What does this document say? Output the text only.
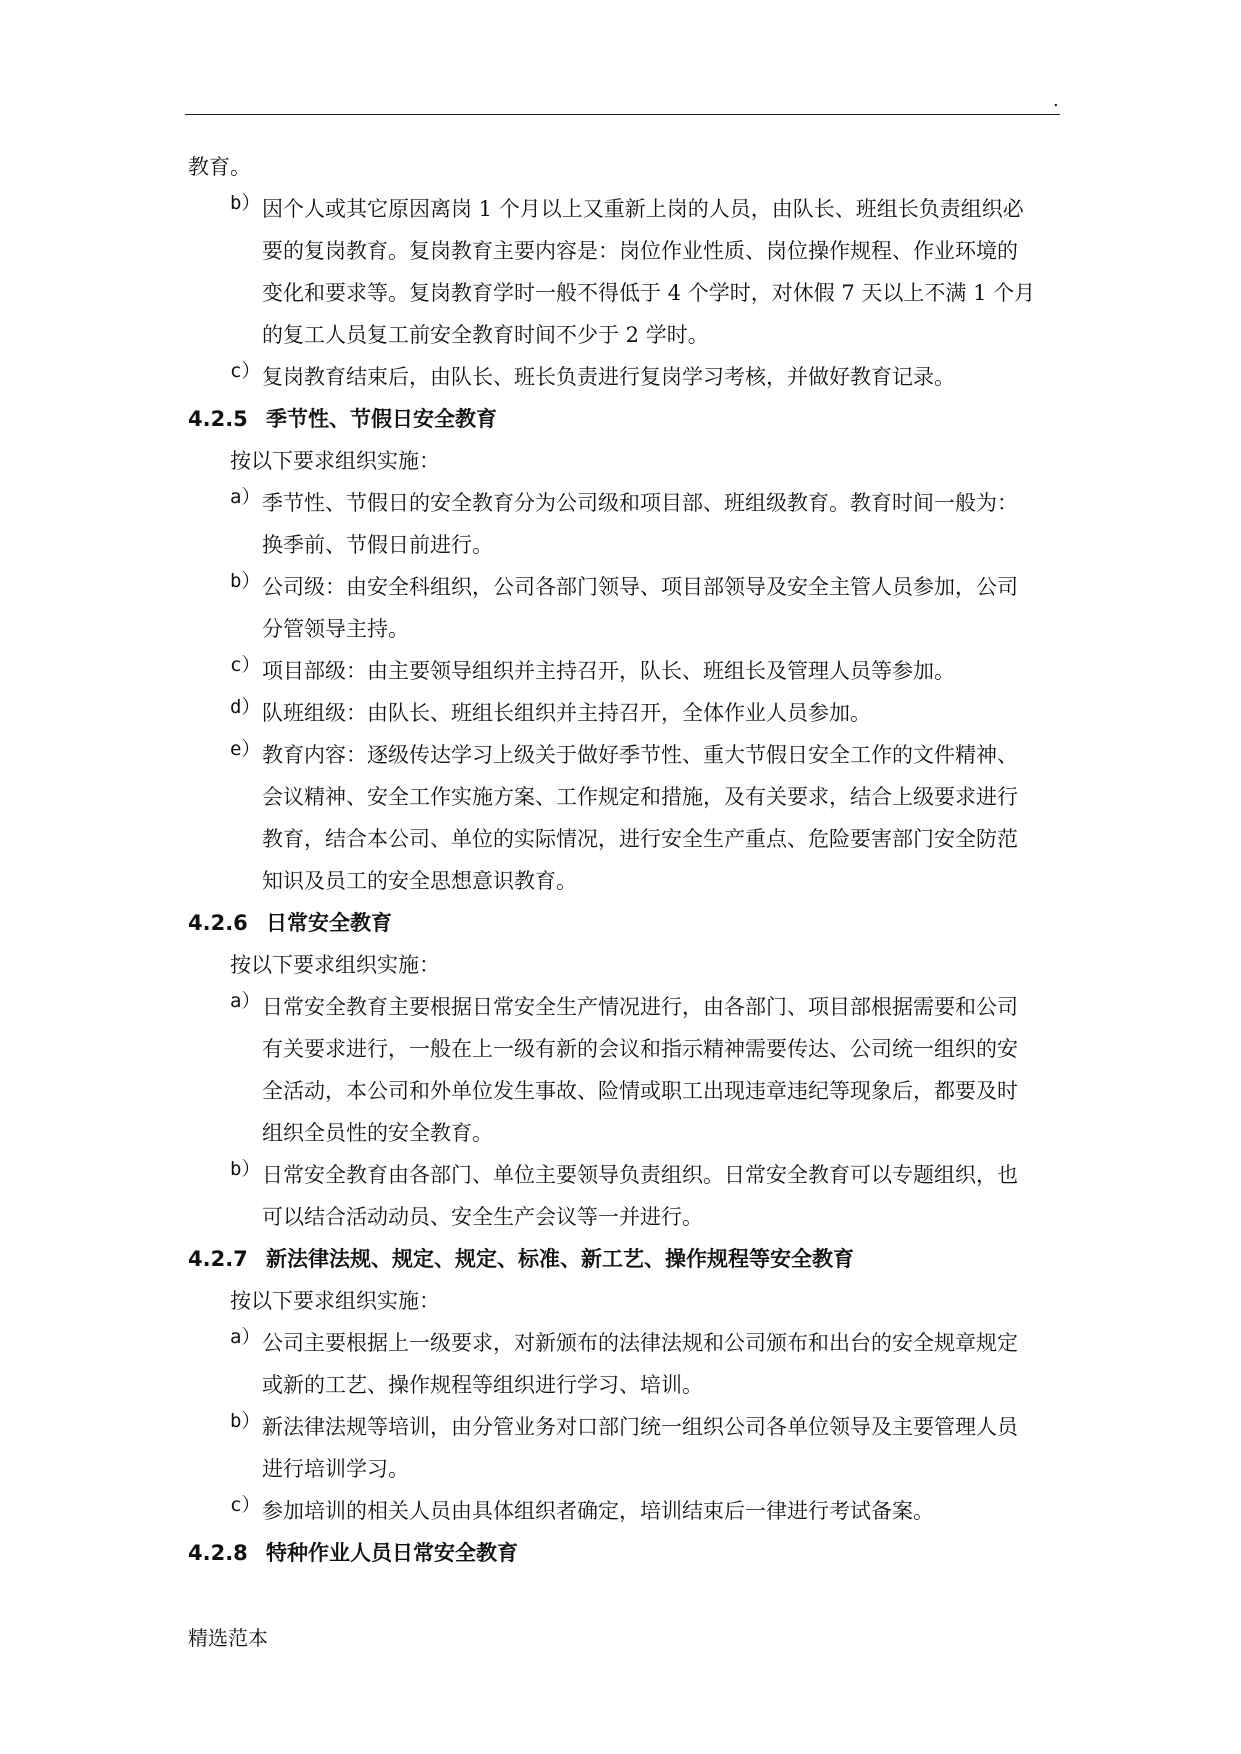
.

教育。

b） 因个人或其它原因离岗 1 个月以上又重新上岗的人员，由队长、班组长负责组织必
要的复岗教育。复岗教育主要内容是：岗位作业性质、岗位操作规程、作业环境的
变化和要求等。复岗教育学时一般不得低于 4 个学时，对休假 7 天以上不满 1 个月
的复工人员复工前安全教育时间不少于 2 学时。
c） 复岗教育结束后，由队长、班长负责进行复岗学习考核，并做好教育记录。
4.2.5 季节性、节假日安全教育
按以下要求组织实施：
a） 季节性、节假日的安全教育分为公司级和项目部、班组级教育。教育时间一般为：
换季前、节假日前进行。
b） 公司级：由安全科组织，公司各部门领导、项目部领导及安全主管人员参加，公司
分管领导主持。
c） 项目部级：由主要领导组织并主持召开，队长、班组长及管理人员等参加。
d） 队班组级：由队长、班组长组织并主持召开，全体作业人员参加。
e） 教育内容：逐级传达学习上级关于做好季节性、重大节假日安全工作的文件精神、
会议精神、安全工作实施方案、工作规定和措施，及有关要求，结合上级要求进行
教育，结合本公司、单位的实际情况，进行安全生产重点、危险要害部门安全防范
知识及员工的安全思想意识教育。
4.2.6 日常安全教育
按以下要求组织实施：
a） 日常安全教育主要根据日常安全生产情况进行，由各部门、项目部根据需要和公司
有关要求进行，一般在上一级有新的会议和指示精神需要传达、公司统一组织的安
全活动，本公司和外单位发生事故、险情或职工出现违章违纪等现象后，都要及时
组织全员性的安全教育。
b） 日常安全教育由各部门、单位主要领导负责组织。日常安全教育可以专题组织，也
可以结合活动动员、安全生产会议等一并进行。
4.2.7 新法律法规、规定、规定、标准、新工艺、操作规程等安全教育
按以下要求组织实施：
a） 公司主要根据上一级要求，对新颁布的法律法规和公司颁布和出台的安全规章规定
或新的工艺、操作规程等组织进行学习、培训。
b） 新法律法规等培训，由分管业务对口部门统一组织公司各单位领导及主要管理人员
进行培训学习。
c） 参加培训的相关人员由具体组织者确定，培训结束后一律进行考试备案。
4.2.8 特种作业人员日常安全教育
精选范本
